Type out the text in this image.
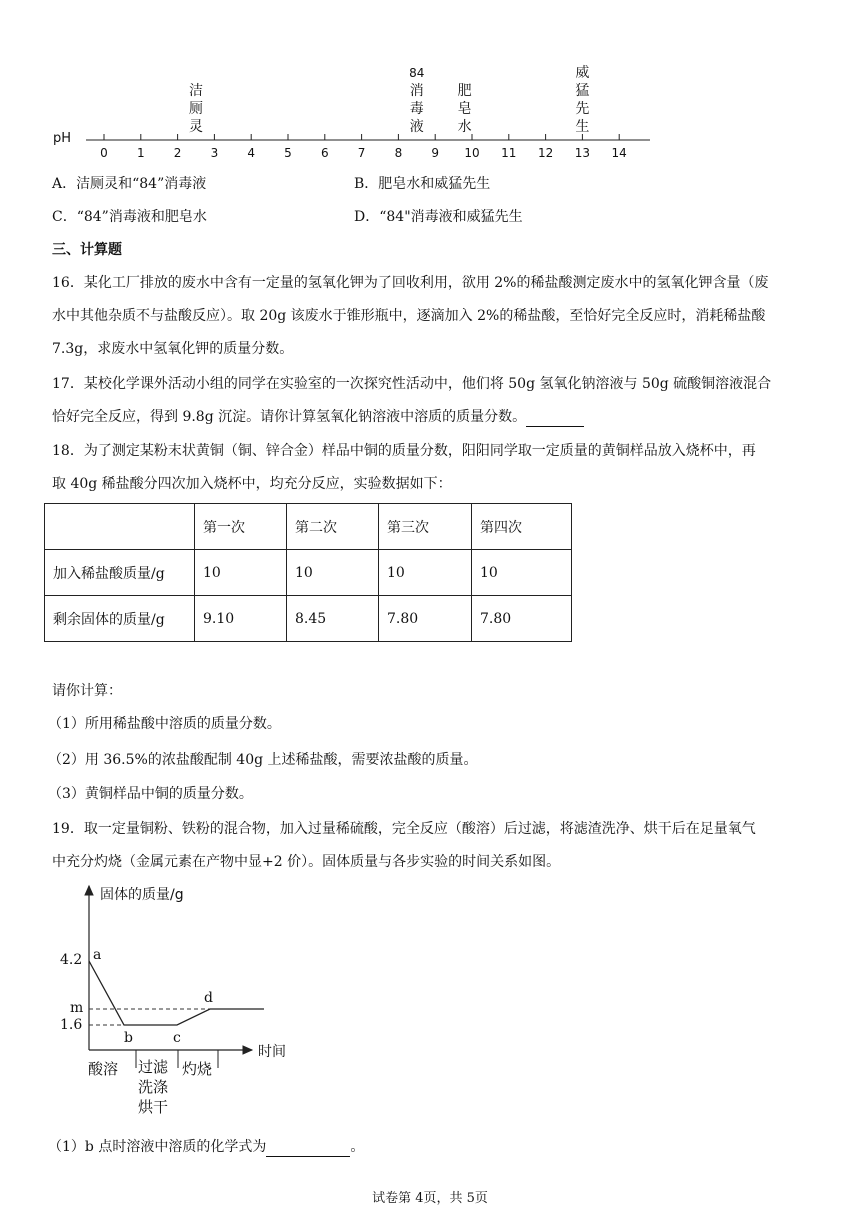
pH
0	1	2	3	4	5	6	7	8	9	10 11 12 13 14
洁
厕
灵
84
消
毒
液
肥
皂
水
威
猛
先
生
A．洁厕灵和“84”消毒液	B．肥皂水和威猛先生
C．“84”消毒液和肥皂水	D．“84"消毒液和威猛先生
三、计算题
16．某化工厂排放的废水中含有一定量的氢氧化钾为了回收利用，欲用 2%的稀盐酸测定废水中的氢氧化钾含量（废
水中其他杂质不与盐酸反应）。取 20g 该废水于锥形瓶中，逐滴加入 2%的稀盐酸，至恰好完全反应时，消耗稀盐酸
7.3g，求废水中氢氧化钾的质量分数。
17．某校化学课外活动小组的同学在实验室的一次探究性活动中，他们将 50g 氢氧化钠溶液与 50g 硫酸铜溶液混合
恰好完全反应，得到 9.8g 沉淀。请你计算氢氧化钠溶液中溶质的质量分数。
18．为了测定某粉末状黄铜（铜、锌合金）样品中铜的质量分数，阳阳同学取一定质量的黄铜样品放入烧杯中，再
取 40g 稀盐酸分四次加入烧杯中，均充分反应，实验数据如下：
	第一次	第二次	第三次	第四次
加入稀盐酸质量/g	10	10	10	10
剩余固体的质量/g	9.10	8.45	7.80	7.80
请你计算：
（1）所用稀盐酸中溶质的质量分数。
（2）用 36.5%的浓盐酸配制 40g 上述稀盐酸，需要浓盐酸的质量。
（3）黄铜样品中铜的质量分数。
19．取一定量铜粉、铁粉的混合物，加入过量稀硫酸，完全反应（酸溶）后过滤，将滤渣洗净、烘干后在足量氧气
中充分灼烧（金属元素在产物中显+2 价）。固体质量与各步实验的时间关系如图。
固体的质量/g
时间
4.2
m
1.6
a
b	c
d
酸溶 过滤
洗涤
烘干
灼烧
（1）b 点时溶液中溶质的化学式为	。
试卷第 4页，共 5页
